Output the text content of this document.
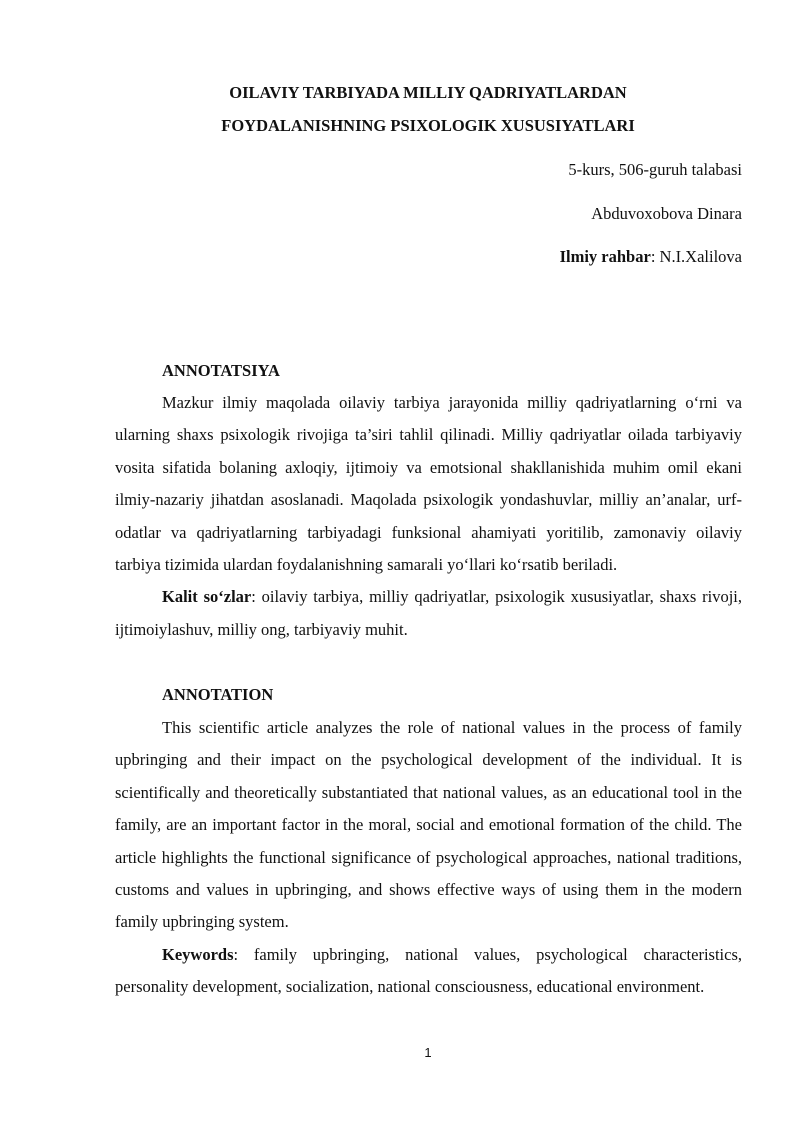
OILAVIY TARBIYADA MILLIY QADRIYATLARDAN
FOYDALANISHNING PSIXOLOGIK XUSUSIYATLARI
5-kurs, 506-guruh talabasi
Abduvoxobova Dinara
Ilmiy rahbar: N.I.Xalilova
ANNOTATSIYA

Mazkur ilmiy maqolada oilaviy tarbiya jarayonida milliy qadriyatlarning o‘rni va ularning shaxs psixologik rivojiga ta’siri tahlil qilinadi. Milliy qadriyatlar oilada tarbiyaviy vosita sifatida bolaning axloqiy, ijtimoiy va emotsional shakllanishida muhim omil ekani ilmiy-nazariy jihatdan asoslanadi. Maqolada psixologik yondashuvlar, milliy an’analar, urf-odatlar va qadriyatlarning tarbiyadagi funksional ahamiyati yoritilib, zamonaviy oilaviy tarbiya tizimida ulardan foydalanishning samarali yo‘llari ko‘rsatib beriladi.

Kalit so‘zlar: oilaviy tarbiya, milliy qadriyatlar, psixologik xususiyatlar, shaxs rivoji, ijtimoiylashuv, milliy ong, tarbiyaviy muhit.

ANNOTATION

This scientific article analyzes the role of national values in the process of family upbringing and their impact on the psychological development of the individual. It is scientifically and theoretically substantiated that national values, as an educational tool in the family, are an important factor in the moral, social and emotional formation of the child. The article highlights the functional significance of psychological approaches, national traditions, customs and values in upbringing, and shows effective ways of using them in the modern family upbringing system.

Keywords: family upbringing, national values, psychological characteristics, personality development, socialization, national consciousness, educational environment.

1
